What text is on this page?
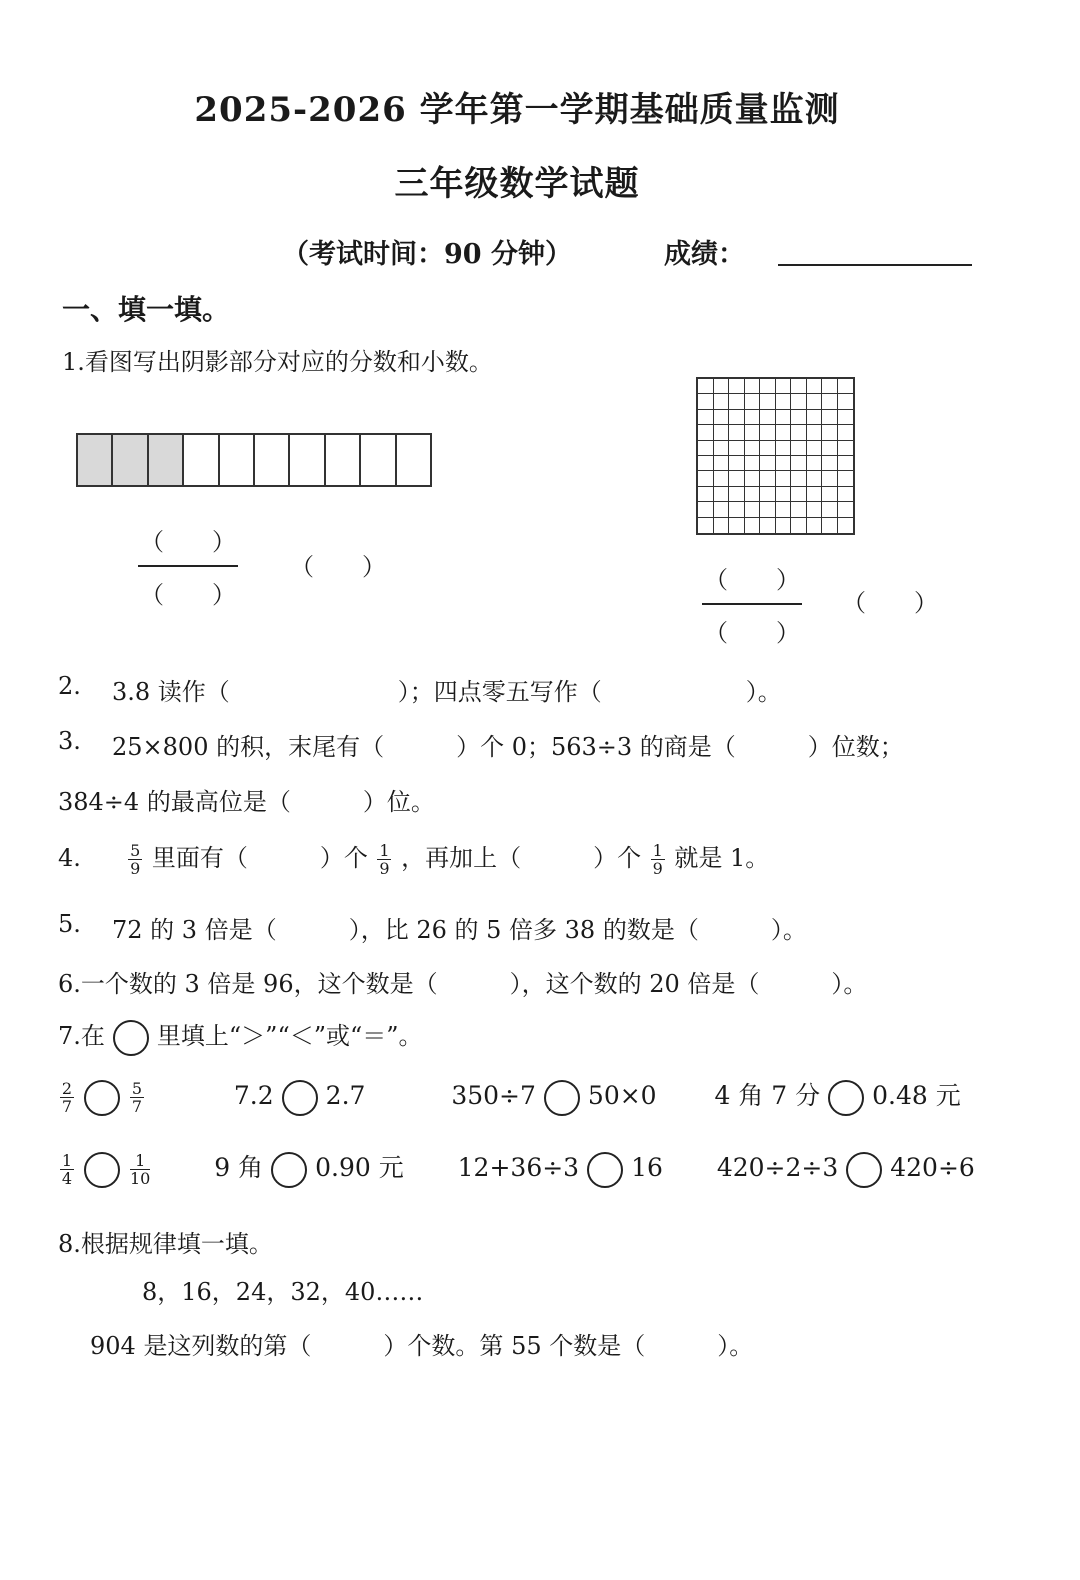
2025-2026 学年第一学期基础质量监测
三年级数学试题
（考试时间：90 分钟）	成绩：
一、填一填。
1.看图写出阴影部分对应的分数和小数。
（　　）
（　　）
（　　）	（　　）
（　　）
（　　）
2. 3.8 读作（　　　　　　　）；四点零五写作（　　　　　　）。
3. 25×800 的积，末尾有（　　　）个 0；563÷3 的商是（　　　）位数；
384÷4 的最高位是（　　　）位。
4.	$\frac{5}{9}$ 里面有（　　　）个 $\frac{1}{9}$ ，再加上（　　　）个 $\frac{1}{9}$ 就是 1。
5. 72 的 3 倍是（　　　），比 26 的 5 倍多 38 的数是（　　　）。
6.一个数的 3 倍是 96，这个数是（　　　），这个数的 20 倍是（　　　）。
7.在 里填上“＞”“＜”或“＝”。
$\frac{2}{7}$	$\frac{5}{7}$	7.2 2.7	350÷7 50×0 4 角 7 分 0.48 元
$\frac{1}{4}$	$\frac{1}{10}$	9 角 0.90 元 12+36÷3 16 420÷2÷3 420÷6
8.根据规律填一填。
8，16，24，32，40……
904 是这列数的第（　　　）个数。第 55 个数是（　　　）。
